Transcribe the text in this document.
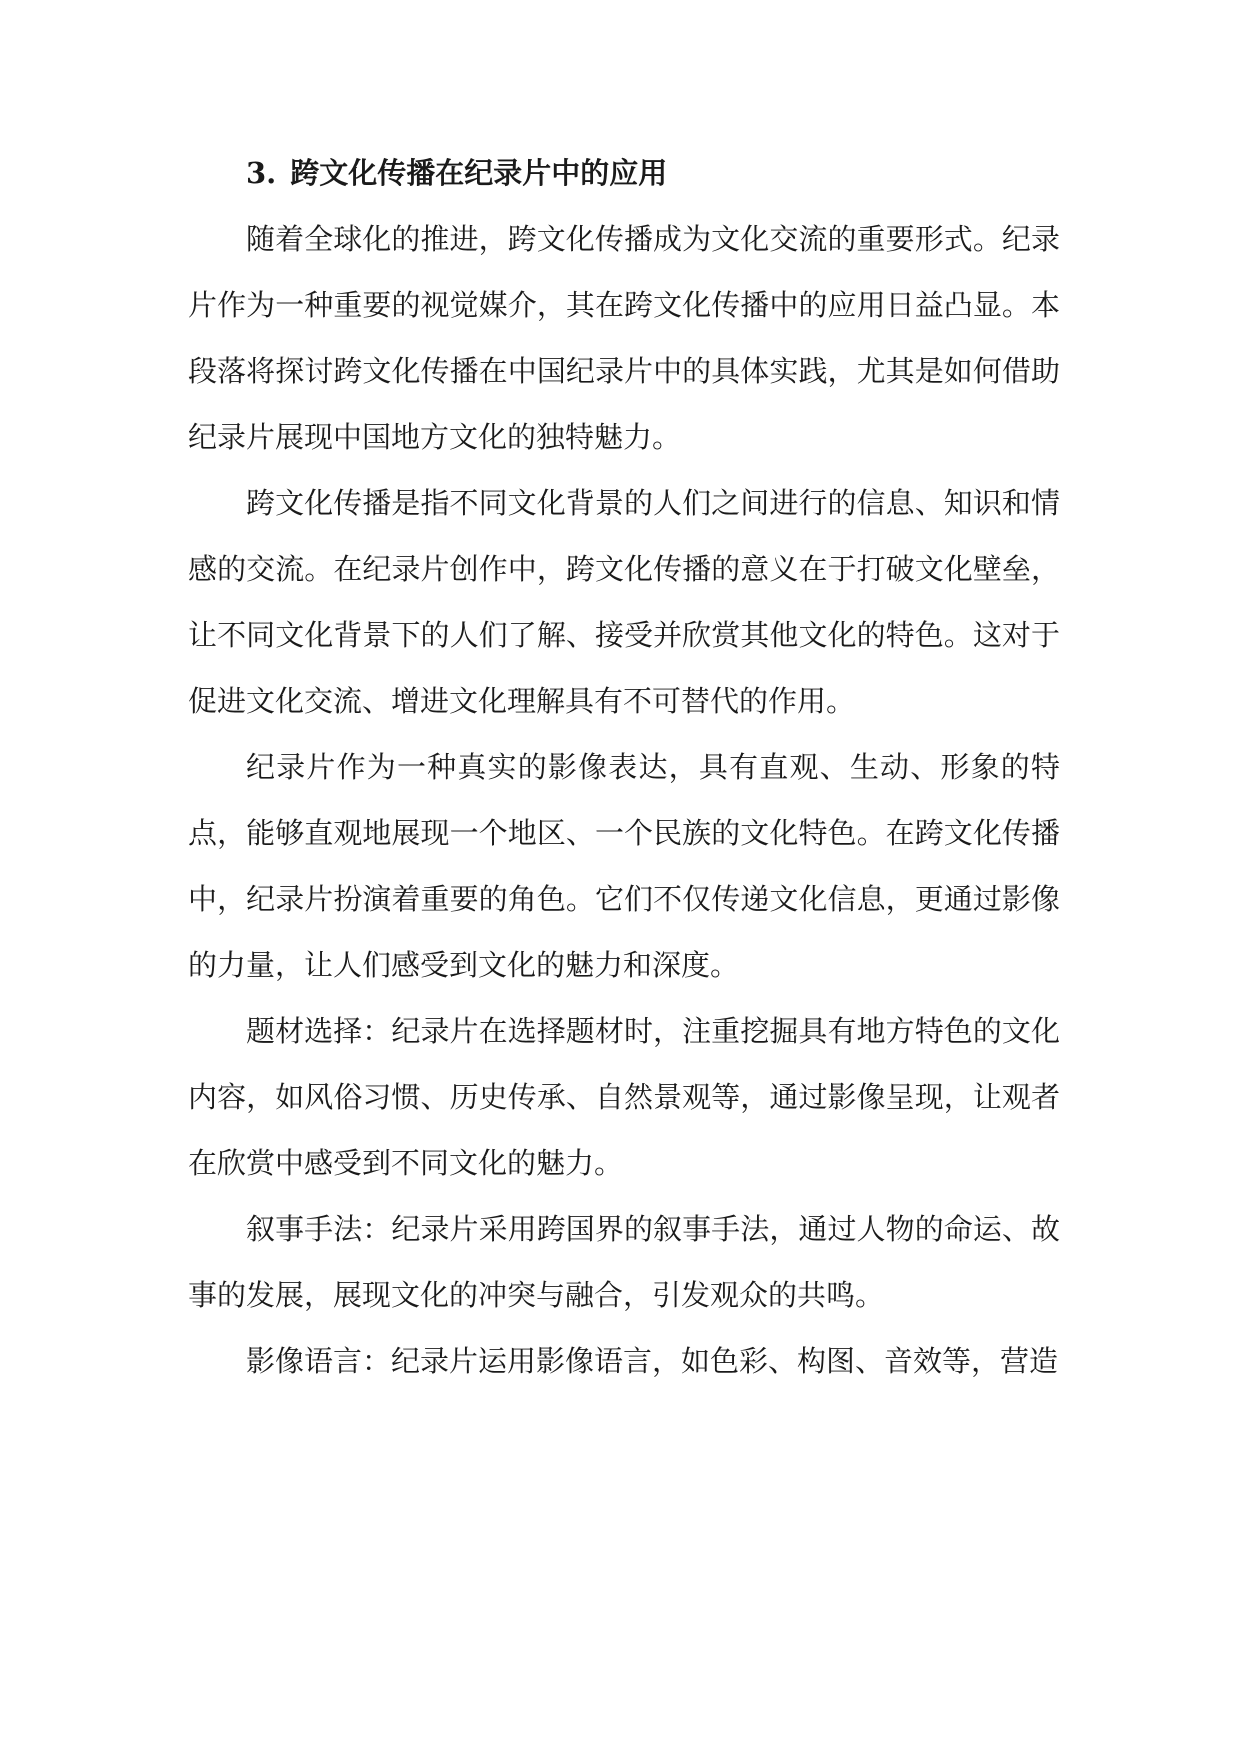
3. 跨文化传播在纪录片中的应用

随着全球化的推进，跨文化传播成为文化交流的重要形式。纪录片作为一种重要的视觉媒介，其在跨文化传播中的应用日益凸显。本段落将探讨跨文化传播在中国纪录片中的具体实践，尤其是如何借助纪录片展现中国地方文化的独特魅力。

跨文化传播是指不同文化背景的人们之间进行的信息、知识和情感的交流。在纪录片创作中，跨文化传播的意义在于打破文化壁垒，让不同文化背景下的人们了解、接受并欣赏其他文化的特色。这对于促进文化交流、增进文化理解具有不可替代的作用。

纪录片作为一种真实的影像表达，具有直观、生动、形象的特点，能够直观地展现一个地区、一个民族的文化特色。在跨文化传播中，纪录片扮演着重要的角色。它们不仅传递文化信息，更通过影像的力量，让人们感受到文化的魅力和深度。

题材选择：纪录片在选择题材时，注重挖掘具有地方特色的文化内容，如风俗习惯、历史传承、自然景观等，通过影像呈现，让观者在欣赏中感受到不同文化的魅力。

叙事手法：纪录片采用跨国界的叙事手法，通过人物的命运、故事的发展，展现文化的冲突与融合，引发观众的共鸣。

影像语言：纪录片运用影像语言，如色彩、构图、音效等，营造
